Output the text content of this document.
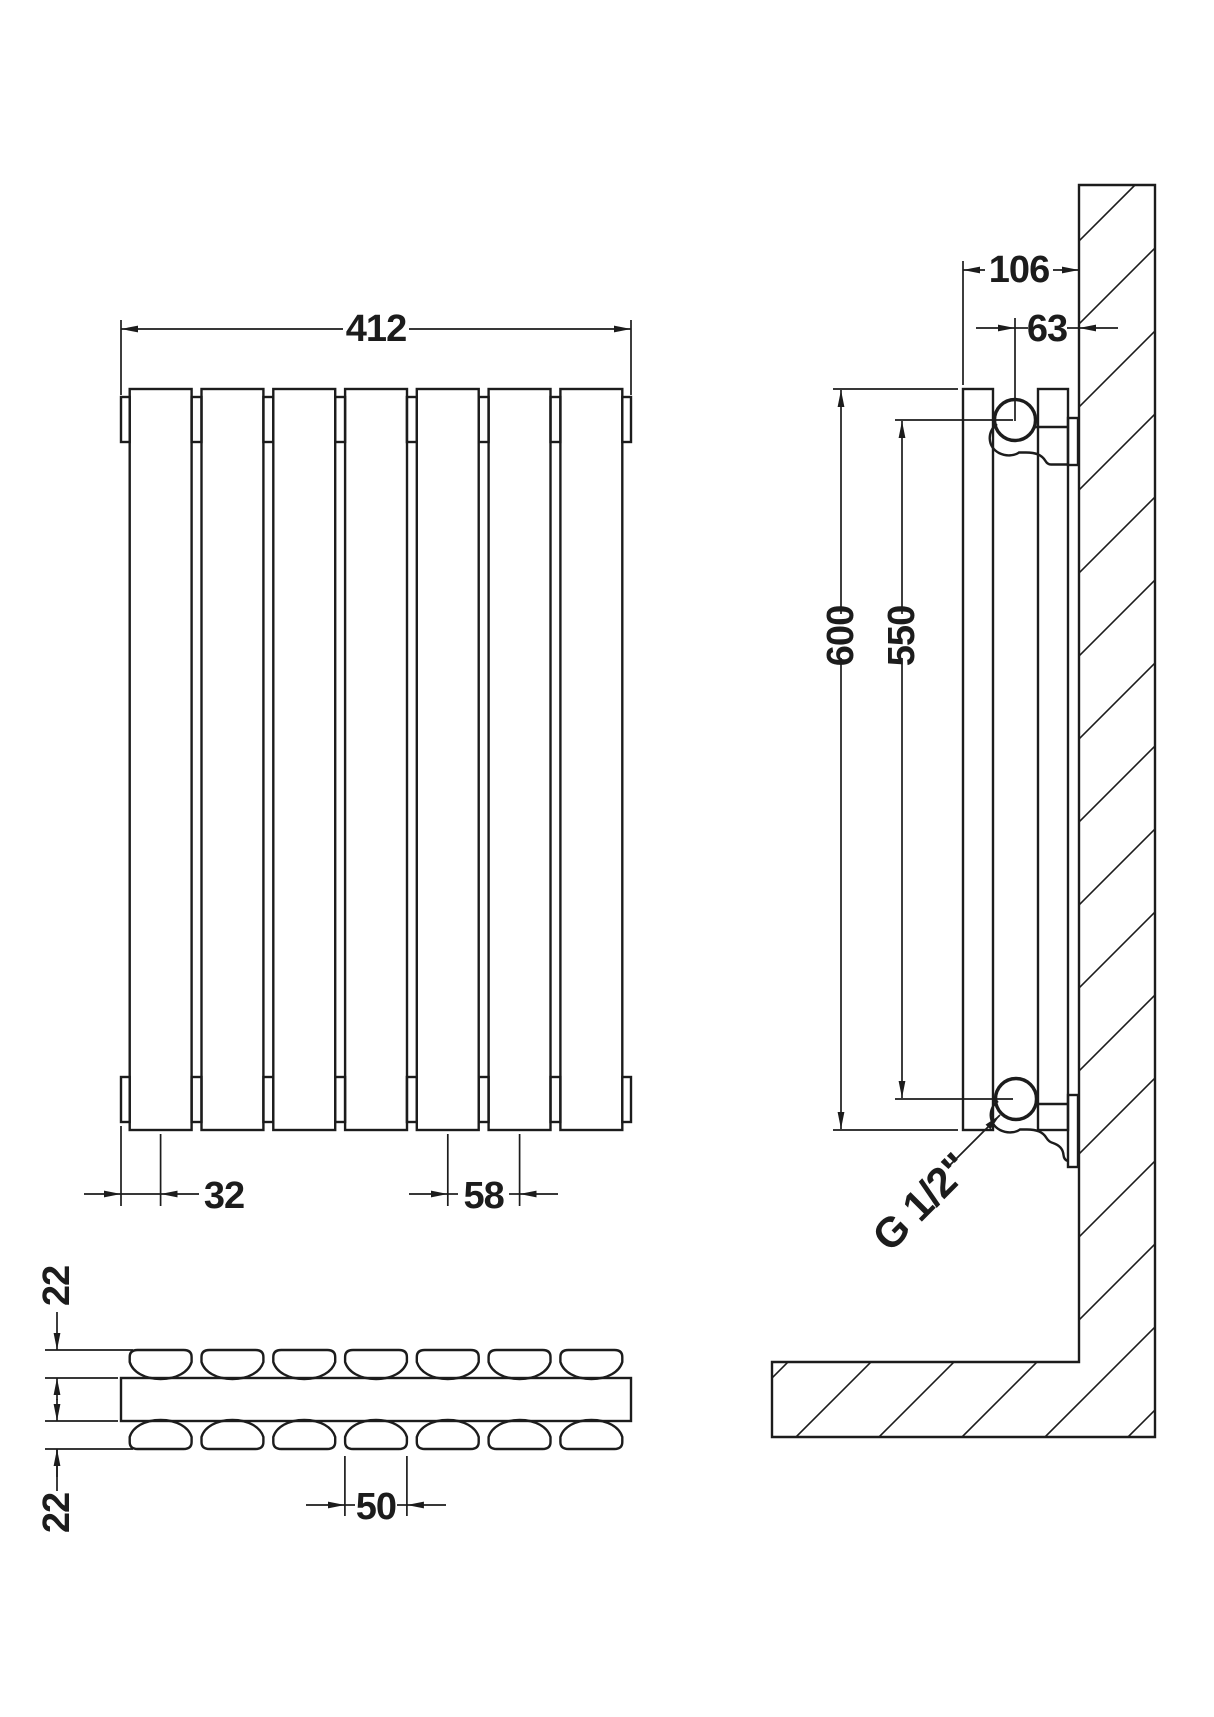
412
32	58
106
63
600 550
G 1/2"
22
22	50
